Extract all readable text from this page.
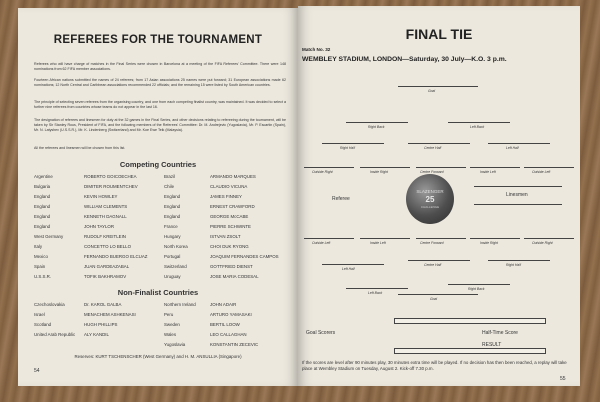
REFEREES FOR THE TOURNAMENT
Referees who will have charge of matches in the Final Series were chosen in Barcelona at a meeting of the FIFA Referees' Committee. There were 148 nominations from 62 FIFA member associations.
Fourteen African nations submitted the names of 24 referees; from 17 Asian associations 25 names were put forward; 31 European associations made 62 nominations; 12 North Central and Caribbean associations recommended 22 officials; and the remaining 15 were listed by South American countries.
The principle of selecting seven referees from the organising country, and one from each competing finalist country, was maintained. It was decided to select a further nine referees from countries whose teams do not appear in the last 16.
The designation of referees and linesmen for duty at the 32 games in the Final Series, and other decisions relating to refereeing during the tournament, will be taken by Sir Stanley Rous, President of FIFA, and the following members of the Referees' Committee: Dr. M. Andrejevic (Yugoslavia), Mr. P. Escartin (Spain), Mr. N. Latyshev (U.S.S.R.), Mr. K. Lindenberg (Switzerland) and Mr. Koe Ewe Teik (Malaysia).
All the referees and linesmen will be chosen from this list.
Competing Countries
Argentine	ROBERTO GOICOECHEA	Brazil	ARMANDO MARQUES
Bulgaria	DIMITER ROUMENTCHEV	Chile	CLAUDIO VICUNA
England	KEVIN HOWLEY	England	JAMES FINNEY
England	WILLIAM CLEMENTS	England	ERNEST CRAWFORD
England	KENNETH DAGNALL	England	GEORGE McCABE
England	JOHN TAYLOR	France	PIERRE SCHWINTE
West Germany	RUDOLF KREITLEIN	Hungary	ISTVAN ZSOLT
Italy	CONCETTO LO BELLO	North Korea	CHOI DUK RYONG
Mexico	FERNANDO BUERGO ELCUAZ	Portugal	JOAQUIM FERNANDES CAMPOS
Spain	JUAN GARDEAZABAL	Switzerland	GOTTFRIED DIENST
U.S.S.R.	TOFIK BAKHRAMOV	Uruguay	JOSE MARIA CODESAL
Non-Finalist Countries
Czechoslovakia	Dr. KAROL GALBA	Northern Ireland	JOHN ADAIR
Israel	MENACHEM ASHKENASI	Peru	ARTURO YAMASAKI
Scotland	HUGH PHILLIPS	Sweden	BERTIL LOOW
United Arab Republic ALY KANDIL	Wales	LEO CALLAGHAN
Yugoslavia	KONSTANTIN ZECEVIC
Reserves: KURT TSCHENSCHER (West Germany) and H. M. ANSULLIA (Singapore)
54
FINAL TIE
Match No. 32
WEMBLEY STADIUM, LONDON—Saturday, 30 July—K.O. 3 p.m.
Goal
Right Back	Left Back
Right Half	Centre Half	Left Half
Outside Right	Inside Right	Centre Forward	Inside Left	Outside Left
Referee
Linesmen
SLAZENGER
25
CHALLENGE
Outside Left	Inside Left	Centre Forward	Inside Right	Outside Right
Left Half
Centre Half	Right Half
Left Back
Right Back
Goal
Goal Scorers	Half-Time Score
RESULT
If the scores are level after 90 minutes play, 30 minutes extra time will be played. If no decision has then been reached, a replay will take place at Wembley Stadium on Tuesday, August 2. Kick-off 7.30 p.m.
55
